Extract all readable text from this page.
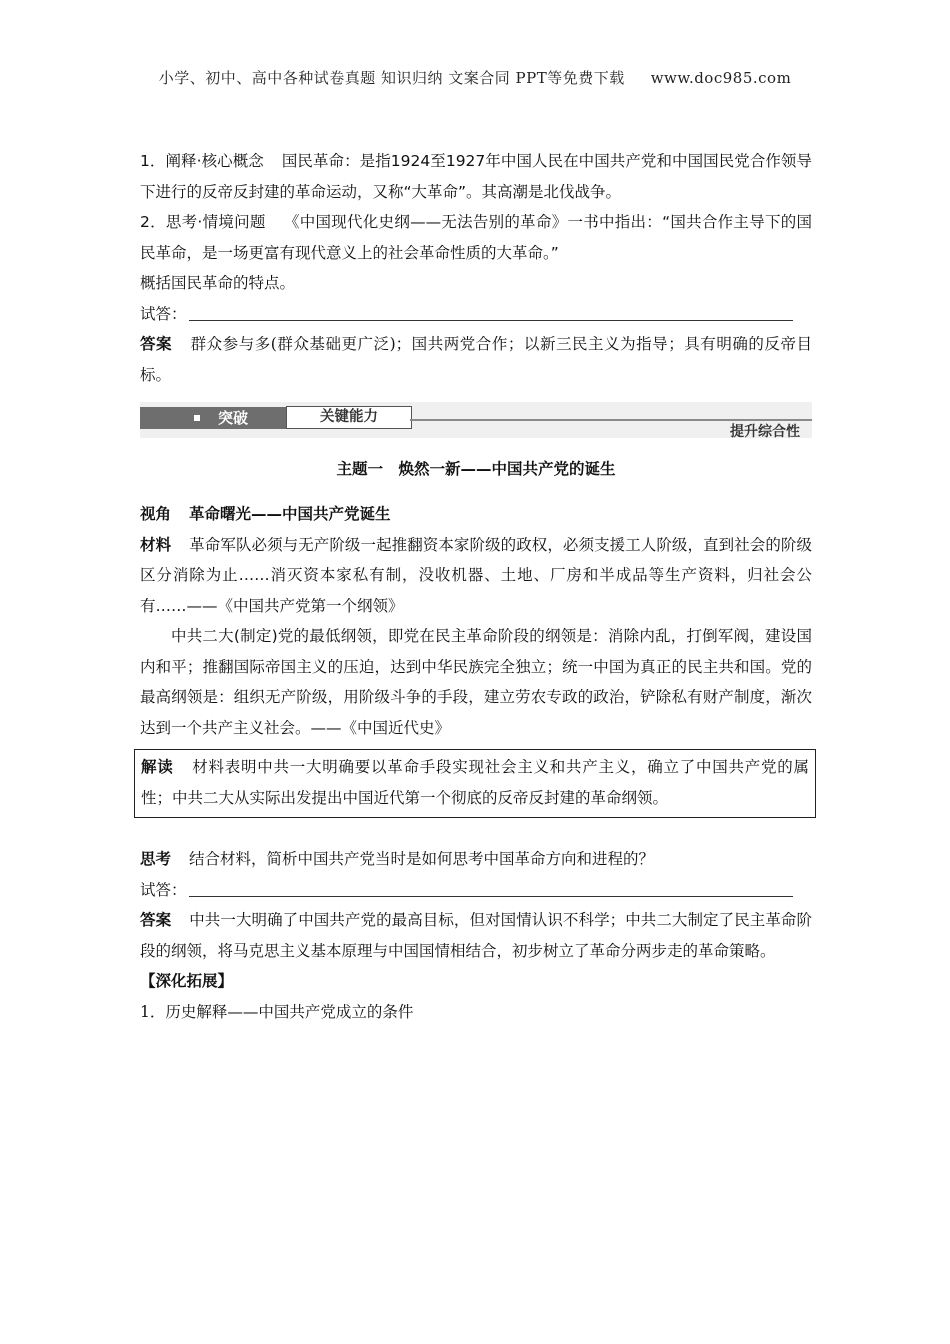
小学、初中、高中各种试卷真题 知识归纳 文案合同 PPT等免费下载 www.doc985.com

1．阐释·核心概念 国民革命：是指1924至1927年中国人民在中国共产党和中国国民党合作领导下进行的反帝反封建的革命运动，又称“大革命”。其高潮是北伐战争。

2．思考·情境问题 《中国现代化史纲——无法告别的革命》一书中指出：“国共合作主导下的国民革命，是一场更富有现代意义上的社会革命性质的大革命。”

概括国民革命的特点。

试答：

答案 群众参与多(群众基础更广泛)；国共两党合作；以新三民主义为指导；具有明确的反帝目标。

突破	关键能力
提升综合性

主题一　焕然一新——中国共产党的诞生

视角 革命曙光——中国共产党诞生

材料 革命军队必须与无产阶级一起推翻资本家阶级的政权，必须支援工人阶级，直到社会的阶级区分消除为止……消灭资本家私有制，没收机器、土地、厂房和半成品等生产资料，归社会公有……——《中国共产党第一个纲领》

中共二大(制定)党的最低纲领，即党在民主革命阶段的纲领是：消除内乱，打倒军阀，建设国内和平；推翻国际帝国主义的压迫，达到中华民族完全独立；统一中国为真正的民主共和国。党的最高纲领是：组织无产阶级，用阶级斗争的手段，建立劳农专政的政治，铲除私有财产制度，渐次达到一个共产主义社会。——《中国近代史》

解读 材料表明中共一大明确要以革命手段实现社会主义和共产主义，确立了中国共产党的属性；中共二大从实际出发提出中国近代第一个彻底的反帝反封建的革命纲领。

思考 结合材料，简析中国共产党当时是如何思考中国革命方向和进程的？

试答：

答案 中共一大明确了中国共产党的最高目标，但对国情认识不科学；中共二大制定了民主革命阶段的纲领，将马克思主义基本原理与中国国情相结合，初步树立了革命分两步走的革命策略。

【深化拓展】

1．历史解释——中国共产党成立的条件
